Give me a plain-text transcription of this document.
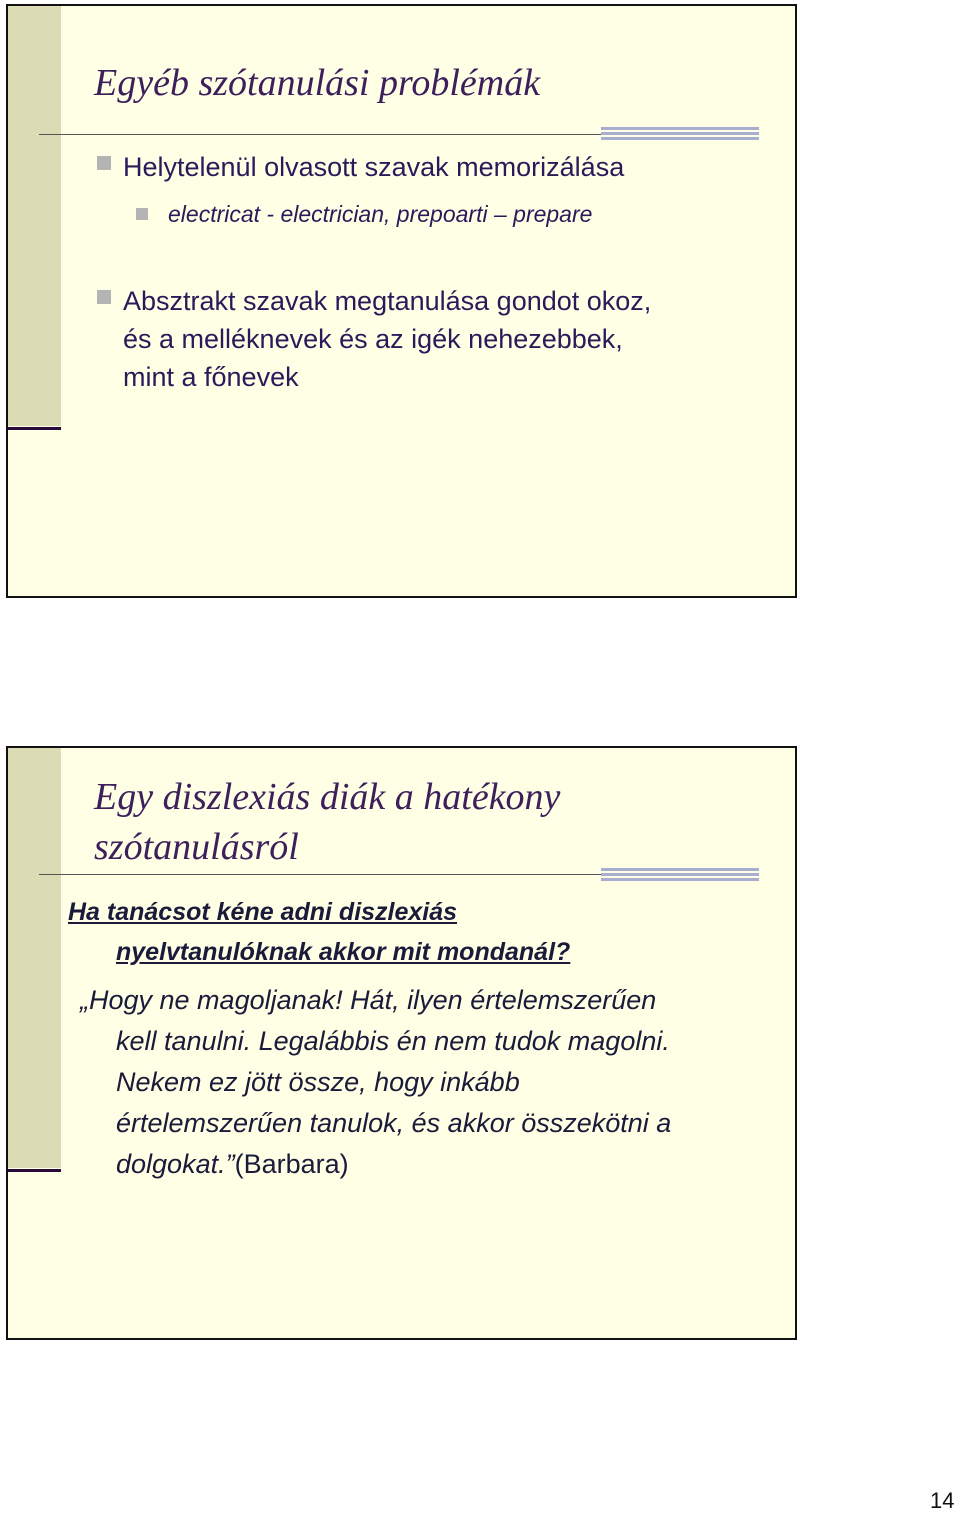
Egyéb szótanulási problémák
Helytelenül olvasott szavak memorizálása
electricat - electrician, prepoarti – prepare
Absztrakt szavak megtanulása gondot okoz,
és a melléknevek és az igék nehezebbek,
mint a főnevek
Egy diszlexiás diák a hatékony
szótanulásról
Ha tanácsot kéne adni diszlexiás
nyelvtanulóknak akkor mit mondanál?
„Hogy ne magoljanak! Hát, ilyen értelemszerűen
kell tanulni. Legalábbis én nem tudok magolni.
Nekem ez jött össze, hogy inkább
értelemszerűen tanulok, és akkor összekötni a
dolgokat.”(Barbara)
14
